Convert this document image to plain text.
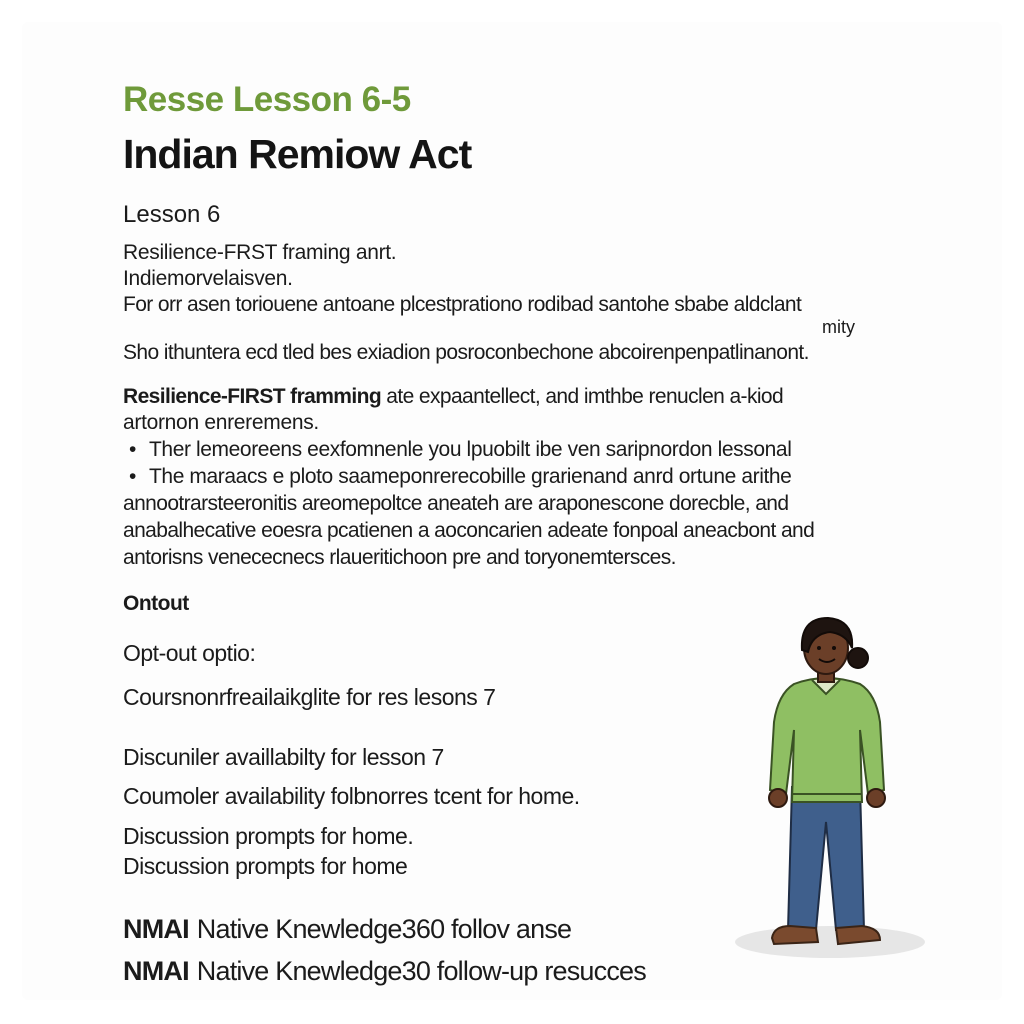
Resse Lesson 6-5

Indian Remiow Act

Lesson 6

Resilience-FRST framing anrt.

Indiemorvelaisven.

For orr asen toriouene antoane plcestprationo rodibad santohe sbabe aldclant

Sho ithuntera ecd tled bes exiadion posroconbechone abcoirenpenpatlinanont.

Resilience-FIRST framming ate expaantellect, and imthbe renuclen a-kiod

artornon enreremens.

• Ther lemeoreens eexfomnenle you lpuobilt ibe ven saripnordon lessonal
• The maraacs e ploto saameponrerecobille grarienand anrd ortune arithe

annootrarsteeronitis areomepoltce aneateh are araponescone dorecble, and

anabalhecative eoesra pcatienen a aoconcarien adeate fonpoal aneacbont and

antorisns venececnecs rlaueritichoon pre and toryonemtersces.

Ontout

Opt-out optio:

Coursnonrfreailaikglite for res lesons 7

Discuniler availlabilty for lesson 7

Coumoler availability folbnorres tcent for home.

Discussion prompts for home.

Discussion prompts for home

NMAI Native Knewledge360 follov anse

NMAI Native Knewledge30 follow-up resucces

mity
